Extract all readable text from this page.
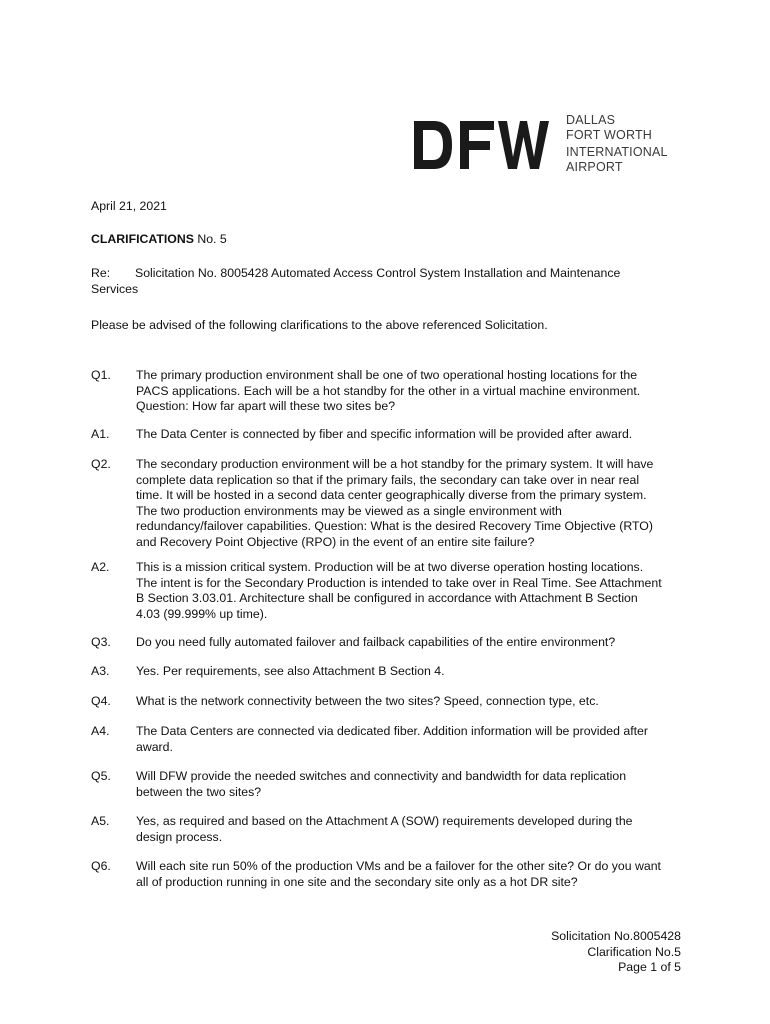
DALLAS
FORT WORTH
INTERNATIONAL
AIRPORT
April 21, 2021
CLARIFICATIONS No. 5
Re: Solicitation No. 8005428 Automated Access Control System Installation and Maintenance
Services
Please be advised of the following clarifications to the above referenced Solicitation.
Q1. The primary production environment shall be one of two operational hosting locations for the
PACS applications. Each will be a hot standby for the other in a virtual machine environment.
Question: How far apart will these two sites be?
A1. The Data Center is connected by fiber and specific information will be provided after award.
Q2. The secondary production environment will be a hot standby for the primary system. It will have
complete data replication so that if the primary fails, the secondary can take over in near real
time. It will be hosted in a second data center geographically diverse from the primary system.
The two production environments may be viewed as a single environment with
redundancy/failover capabilities. Question: What is the desired Recovery Time Objective (RTO)
and Recovery Point Objective (RPO) in the event of an entire site failure?
A2. This is a mission critical system. Production will be at two diverse operation hosting locations.
The intent is for the Secondary Production is intended to take over in Real Time. See Attachment
B Section 3.03.01. Architecture shall be configured in accordance with Attachment B Section
4.03 (99.999% up time).
Q3. Do you need fully automated failover and failback capabilities of the entire environment?
A3. Yes. Per requirements, see also Attachment B Section 4.
Q4. What is the network connectivity between the two sites? Speed, connection type, etc.
A4. The Data Centers are connected via dedicated fiber. Addition information will be provided after
award.
Q5. Will DFW provide the needed switches and connectivity and bandwidth for data replication
between the two sites?
A5. Yes, as required and based on the Attachment A (SOW) requirements developed during the
design process.
Q6. Will each site run 50% of the production VMs and be a failover for the other site? Or do you want
all of production running in one site and the secondary site only as a hot DR site?
Solicitation No.8005428
Clarification No.5
Page 1 of 5
